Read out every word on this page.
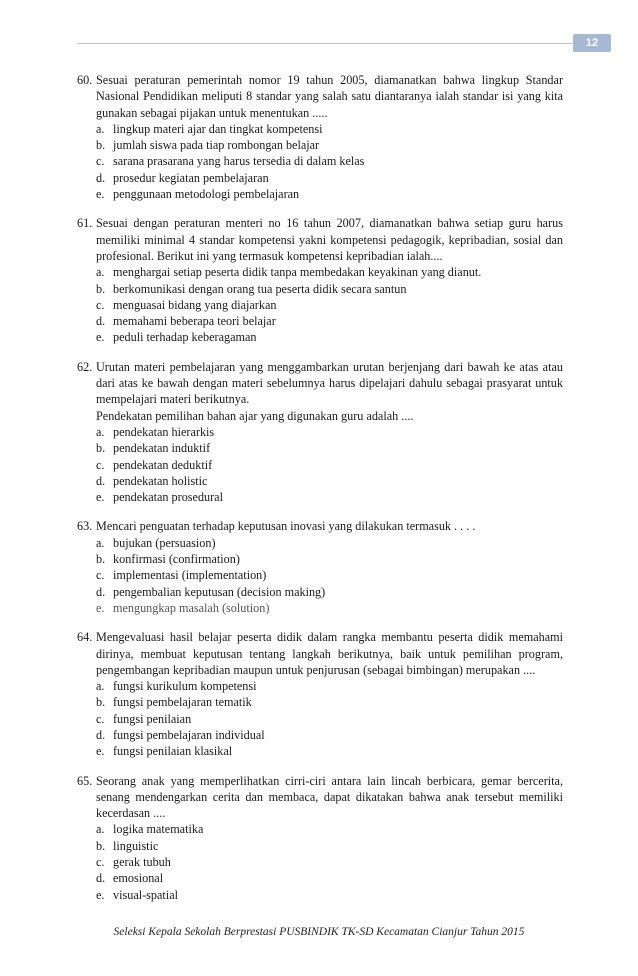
12
60. Sesuai peraturan pemerintah nomor 19 tahun 2005, diamanatkan bahwa lingkup Standar Nasional Pendidikan meliputi 8 standar yang salah satu diantaranya ialah standar isi yang kita gunakan sebagai pijakan untuk menentukan .....

a. lingkup materi ajar dan tingkat kompetensi
b. jumlah siswa pada tiap rombongan belajar
c. sarana prasarana yang harus tersedia di dalam kelas
d. prosedur kegiatan pembelajaran
e. penggunaan metodologi pembelajaran
61. Sesuai dengan peraturan menteri no 16 tahun 2007, diamanatkan bahwa setiap guru harus memiliki minimal 4 standar kompetensi yakni kompetensi pedagogik, kepribadian, sosial dan profesional. Berikut ini yang termasuk kompetensi kepribadian ialah....

a. menghargai setiap peserta didik tanpa membedakan keyakinan yang dianut.
b. berkomunikasi dengan orang tua peserta didik secara santun
c. menguasai bidang yang diajarkan
d. memahami beberapa teori belajar
e. peduli terhadap keberagaman
62. Urutan materi pembelajaran yang menggambarkan urutan berjenjang dari bawah ke atas atau dari atas ke bawah dengan materi sebelumnya harus dipelajari dahulu sebagai prasyarat untuk mempelajari materi berikutnya.

Pendekatan pemilihan bahan ajar yang digunakan guru adalah ....

a. pendekatan hierarkis
b. pendekatan induktif
c. pendekatan deduktif
d. pendekatan holistic
e. pendekatan prosedural
63. Mencari penguatan terhadap keputusan inovasi yang dilakukan termasuk . . . .

a. bujukan (persuasion)
b. konfirmasi (confirmation)
c. implementasi (implementation)
d. pengembalian keputusan (decision making)
e. mengungkap masalah (solution)
64. Mengevaluasi hasil belajar peserta didik dalam rangka membantu peserta didik memahami dirinya, membuat keputusan tentang langkah berikutnya, baik untuk pemilihan program, pengembangan kepribadian maupun untuk penjurusan (sebagai bimbingan) merupakan ....

a. fungsi kurikulum kompetensi
b. fungsi pembelajaran tematik
c. fungsi penilaian
d. fungsi pembelajaran individual
e. fungsi penilaian klasikal
65. Seorang anak yang memperlihatkan cirri-ciri antara lain lincah berbicara, gemar bercerita, senang mendengarkan cerita dan membaca, dapat dikatakan bahwa anak tersebut memiliki kecerdasan ....

a. logika matematika
b. linguistic
c. gerak tubuh
d. emosional
e. visual-spatial
Seleksi Kepala Sekolah Berprestasi PUSBINDIK TK-SD Kecamatan Cianjur Tahun 2015
